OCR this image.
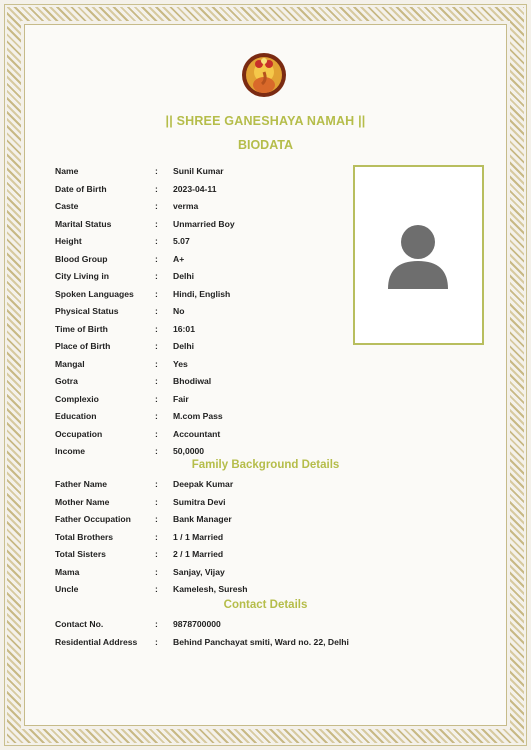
|| SHREE GANESHAYA NAMAH ||
BIODATA
Name	: Sunil Kumar
Date of Birth	: 2023-04-11
Caste	: verma
Marital Status	: Unmarried Boy
Height	: 5.07
Blood Group	: A+
City Living in	: Delhi
Spoken Languages : Hindi, English
Physical Status	: No
Time of Birth	: 16:01
Place of Birth	: Delhi
Mangal	: Yes
Gotra	: Bhodiwal
Complexio	: Fair
Education	: M.com Pass
Occupation	: Accountant
Income	: 50,0000
Family Background Details
Father Name	: Deepak Kumar
Mother Name	: Sumitra Devi
Father Occupation	: Bank Manager
Total Brothers	: 1 / 1 Married
Total Sisters	: 2 / 1 Married
Mama	: Sanjay, Vijay
Uncle	: Kamelesh, Suresh
Contact Details
Contact No.	: 9878700000
Residential Address : Behind Panchayat smiti, Ward no. 22, Delhi
